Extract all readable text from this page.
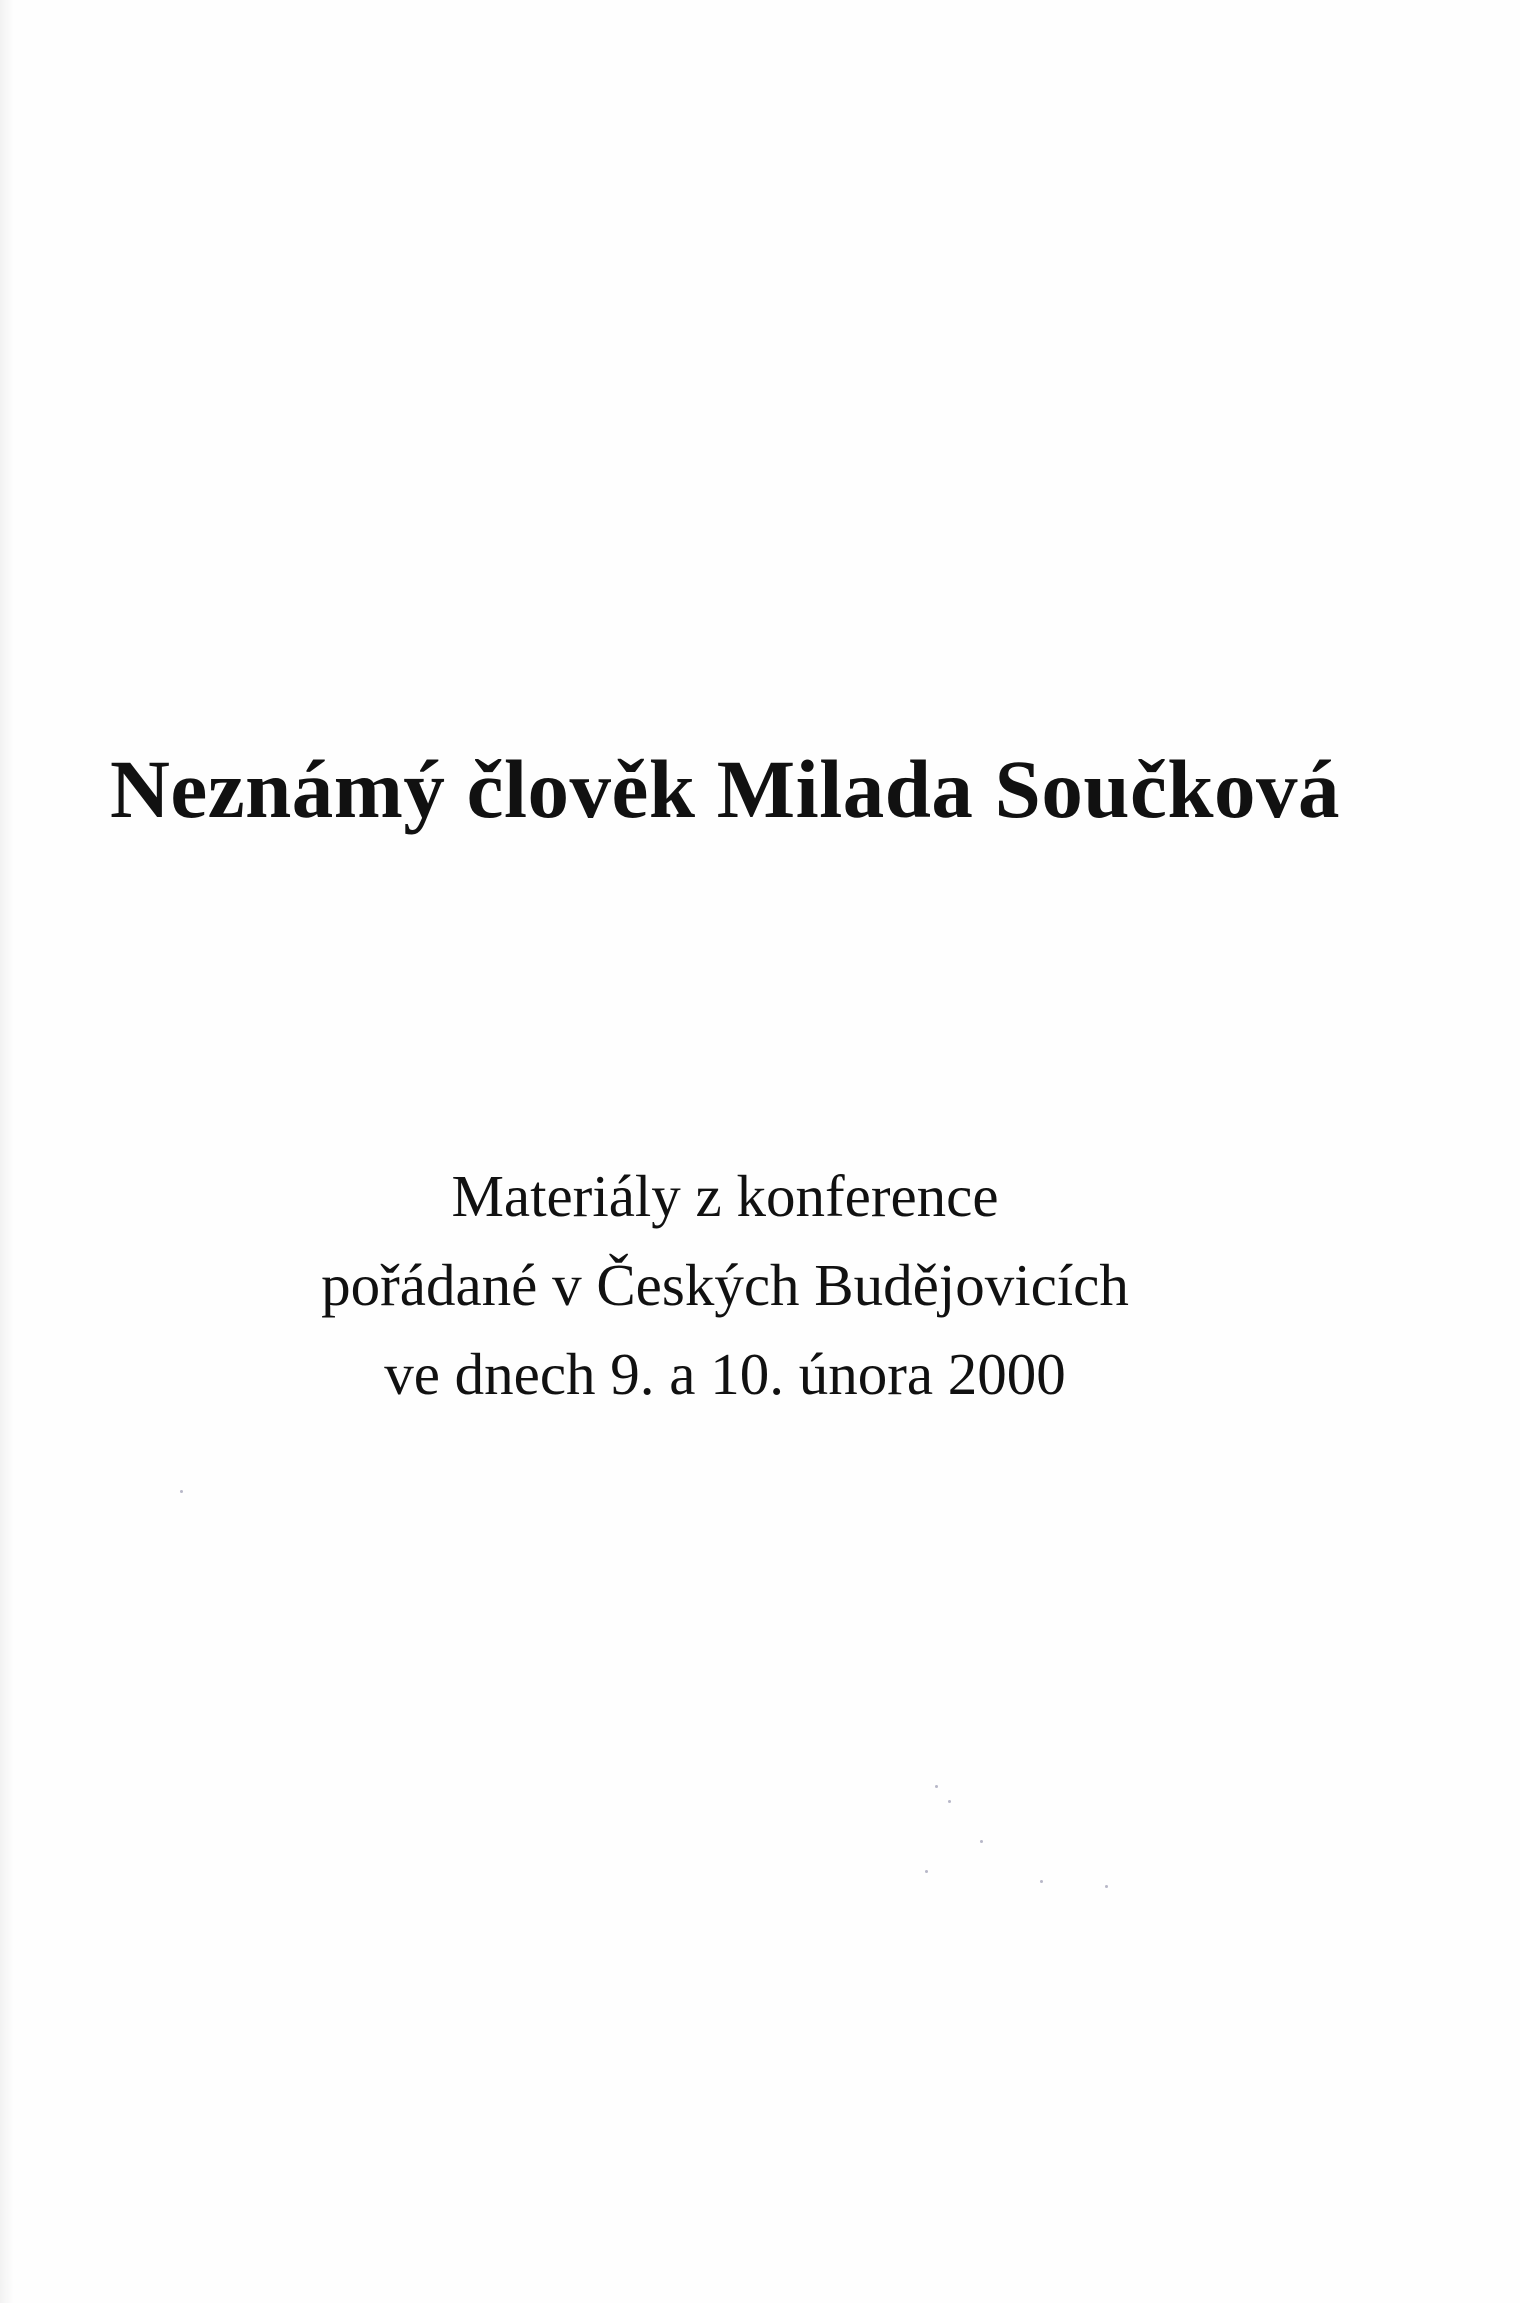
Neznámý člověk Milada Součková
Materiály z konference
pořádané v Českých Budějovicích
ve dnech 9. a 10. února 2000
